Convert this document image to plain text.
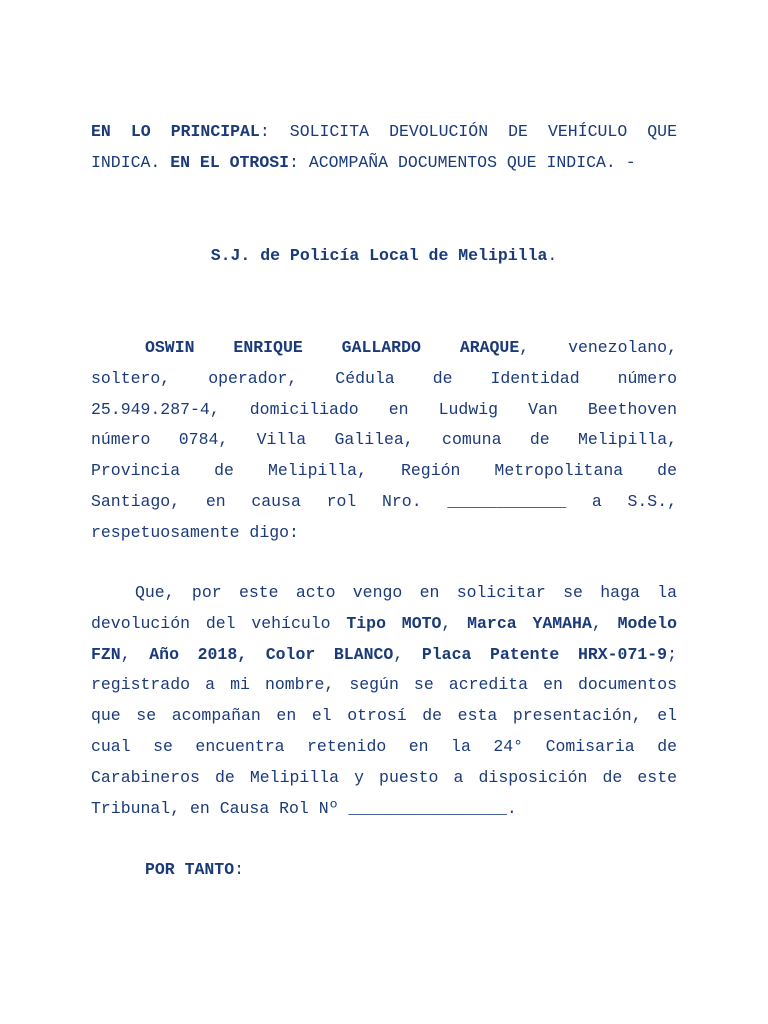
EN LO PRINCIPAL: SOLICITA DEVOLUCIÓN DE VEHÍCULO QUE
INDICA. EN EL OTROSI: ACOMPAÑA DOCUMENTOS QUE INDICA. -
S.J. de Policía Local de Melipilla.
OSWIN ENRIQUE GALLARDO ARAQUE, venezolano,
soltero, operador, Cédula de Identidad número
25.949.287-4, domiciliado en Ludwig Van Beethoven
número 0784, Villa Galilea, comuna de Melipilla,
Provincia de Melipilla, Región Metropolitana de
Santiago, en causa rol Nro. ____________ a S.S.,
respetuosamente digo:
Que, por este acto vengo en solicitar se haga la
devolución del vehículo Tipo MOTO, Marca YAMAHA, Modelo
FZN, Año 2018, Color BLANCO, Placa Patente HRX-071-9;
registrado a mi nombre, según se acredita en documentos
que se acompañan en el otrosí de esta presentación, el
cual se encuentra retenido en la 24° Comisaria de
Carabineros de Melipilla y puesto a disposición de este
Tribunal, en Causa Rol Nº ________________.
POR TANTO:
